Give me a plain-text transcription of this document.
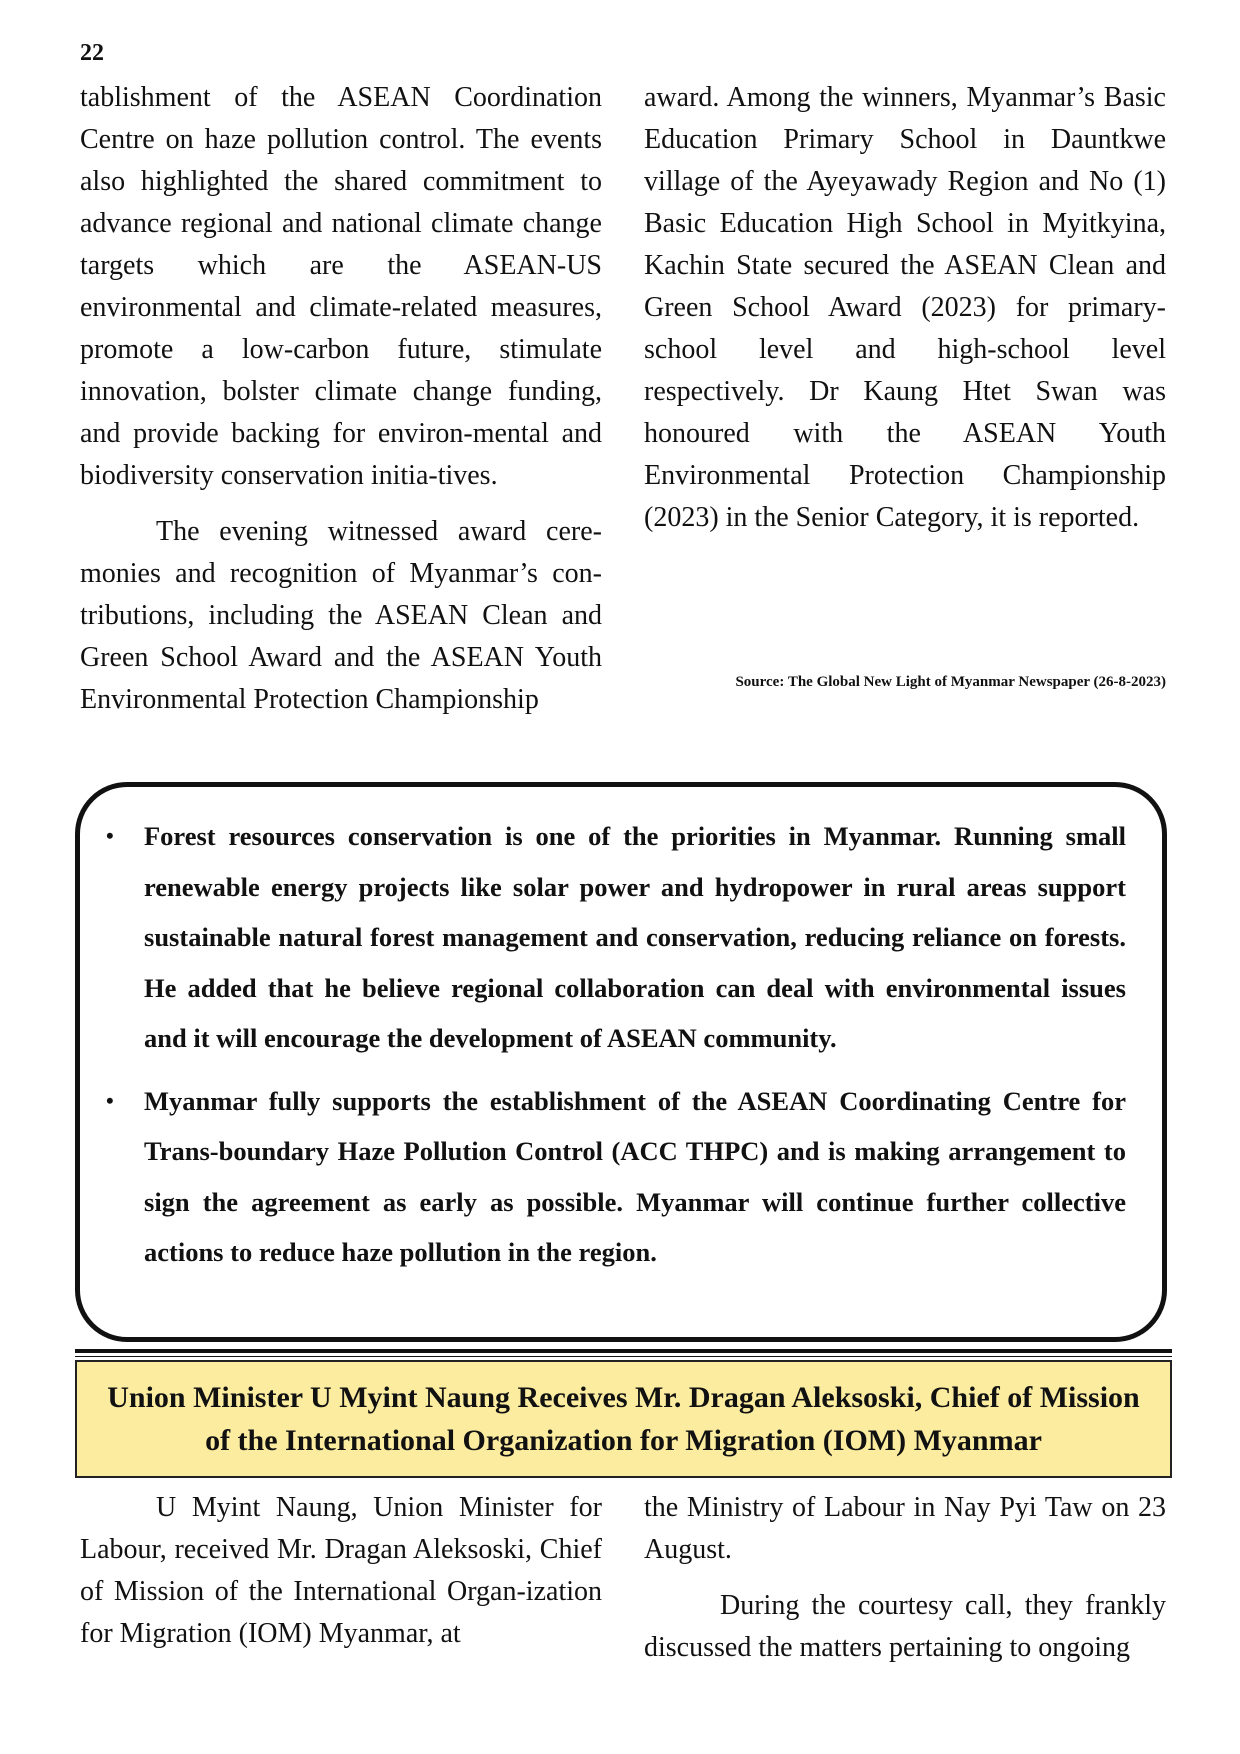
22

tablishment of the ASEAN Coordination Centre on haze pollution control. The events also highlighted the shared commitment to advance regional and national climate change targets which are the ASEAN-US environmental and climate-related measures, promote a low-carbon future, stimulate innovation, bolster climate change funding, and provide backing for environ-mental and biodiversity conservation initia-tives.

The evening witnessed award cere-monies and recognition of Myanmar’s con-tributions, including the ASEAN Clean and Green School Award and the ASEAN Youth Environmental Protection Championship

award. Among the winners, Myanmar’s Basic Education Primary School in Dauntkwe village of the Ayeyawady Region and No (1) Basic Education High School in Myitkyina, Kachin State secured the ASEAN Clean and Green School Award (2023) for primary- school level and high-school level respectively. Dr Kaung Htet Swan was honoured with the ASEAN Youth Environmental Protection Championship (2023) in the Senior Category, it is reported.

Source: The Global New Light of Myanmar Newspaper (26-8-2023)
• Forest resources conservation is one of the priorities in Myanmar. Running small renewable energy projects like solar power and hydropower in rural areas support sustainable natural forest management and conservation, reducing reliance on forests. He added that he believe regional collaboration can deal with environmental issues and it will encourage the development of ASEAN community.
• Myanmar fully supports the establishment of the ASEAN Coordinating Centre for Trans-boundary Haze Pollution Control (ACC THPC) and is making arrangement to sign the agreement as early as possible. Myanmar will continue further collective actions to reduce haze pollution in the region.
Union Minister U Myint Naung Receives Mr. Dragan Aleksoski, Chief of Mission
of the International Organization for Migration (IOM) Myanmar

U Myint Naung, Union Minister for Labour, received Mr. Dragan Aleksoski, Chief of Mission of the International Organ-ization for Migration (IOM) Myanmar, at

the Ministry of Labour in Nay Pyi Taw on 23 August.

During the courtesy call, they frankly discussed the matters pertaining to ongoing
